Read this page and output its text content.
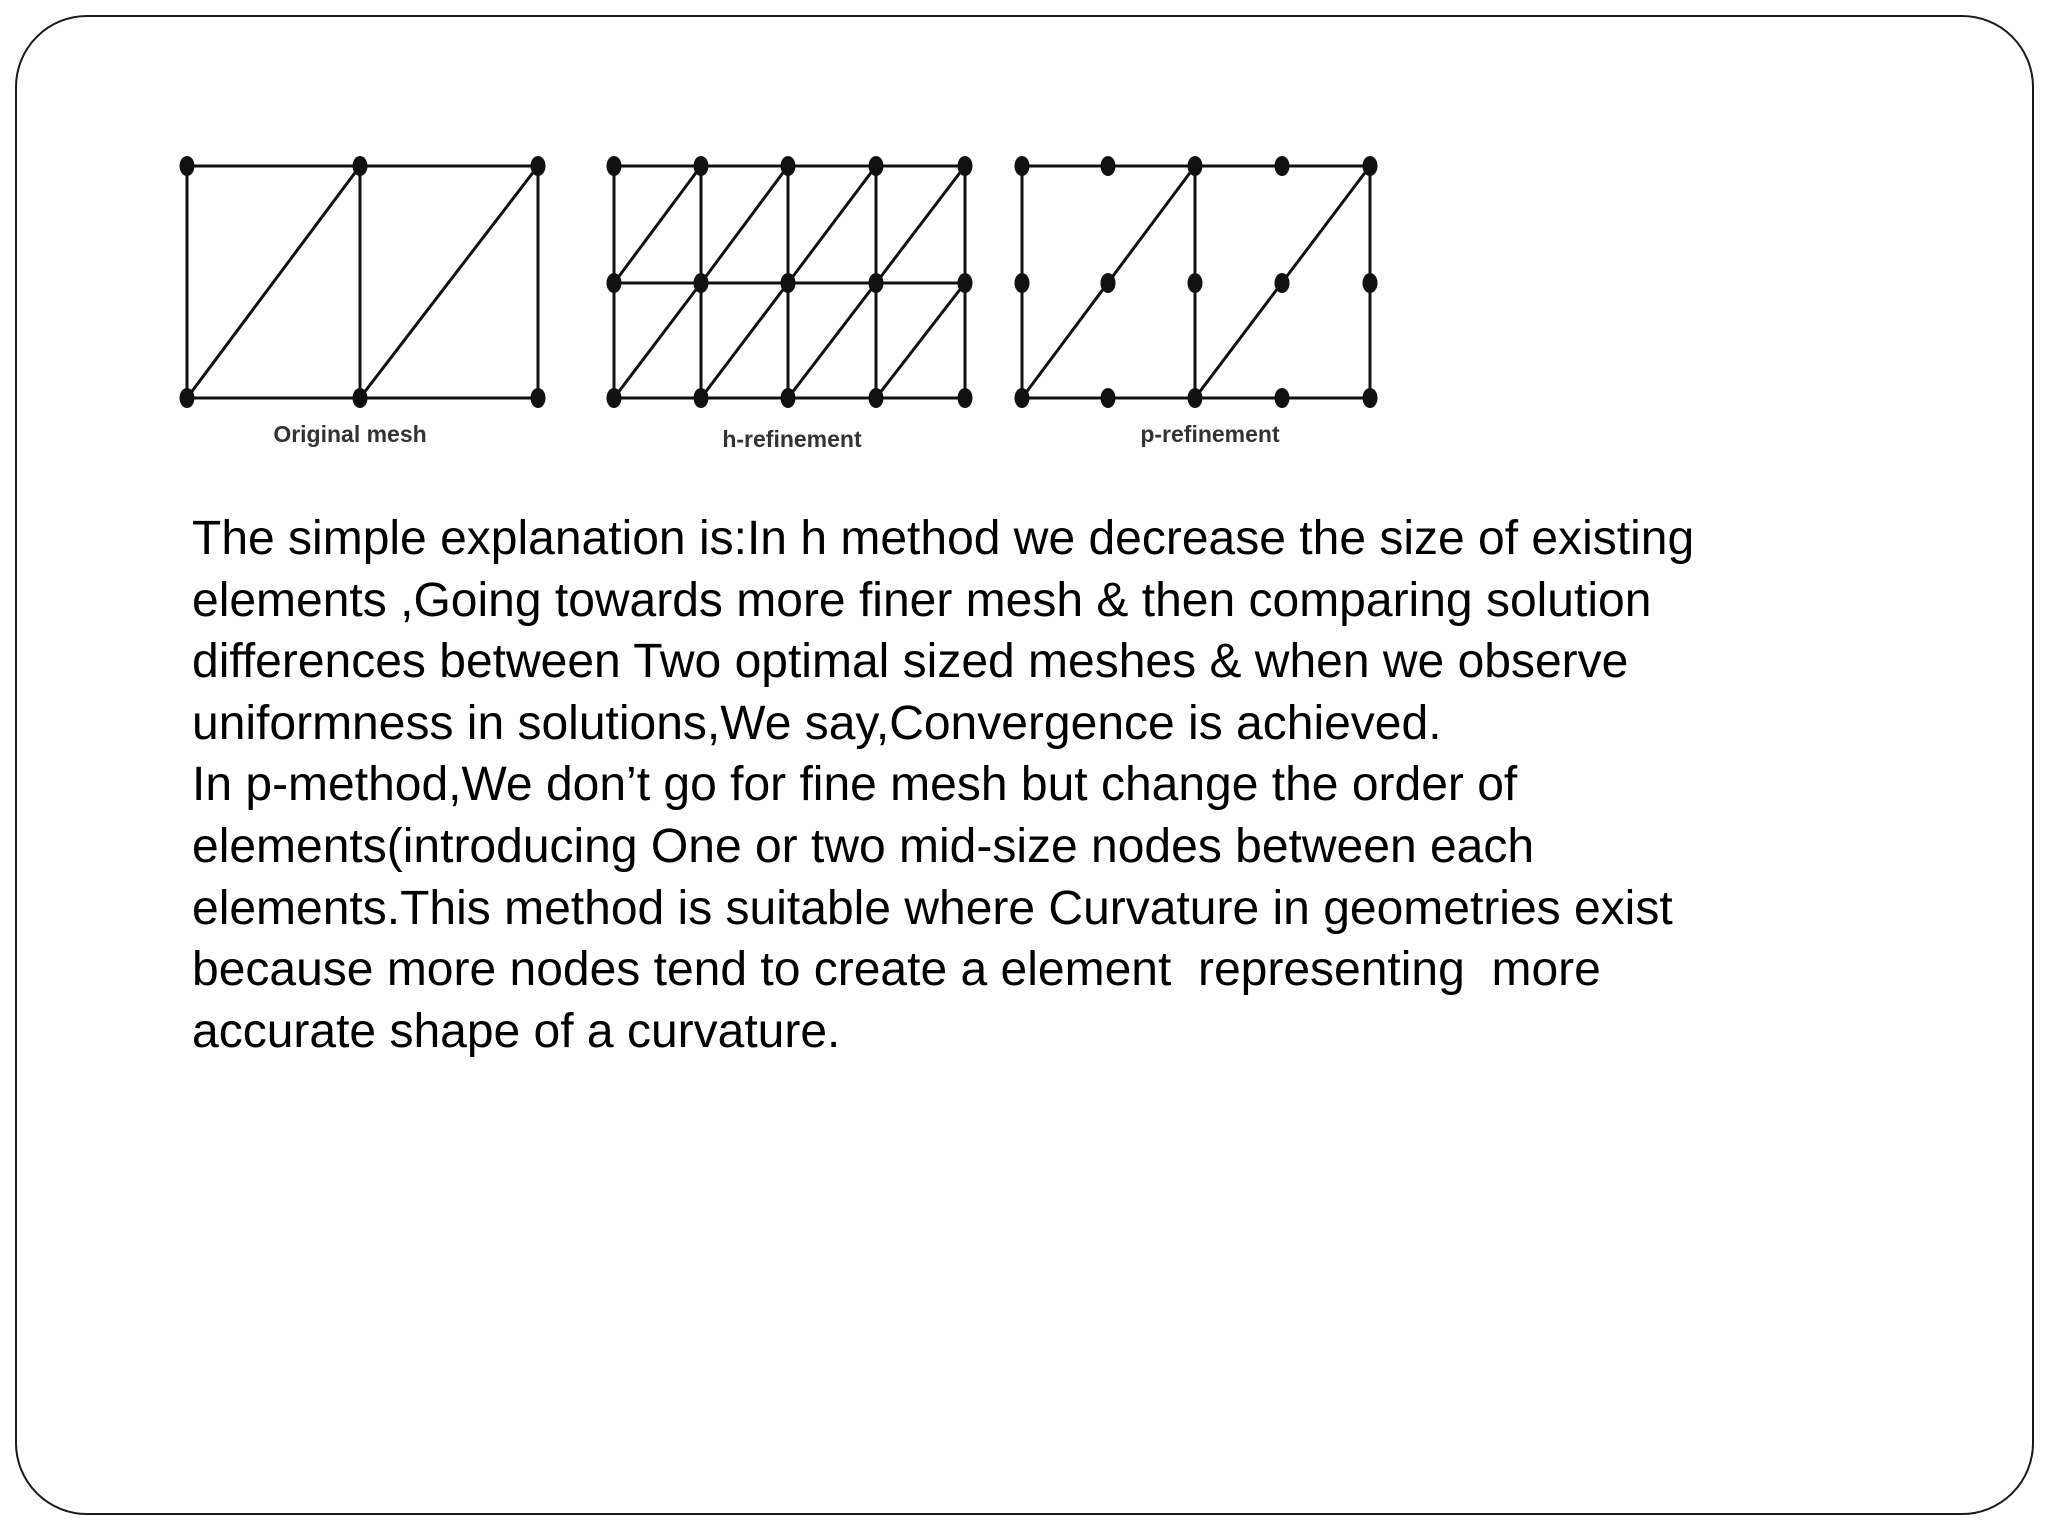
Original mesh	h-refinement	p-refinement
The simple explanation is:In h method we decrease the size of existing
elements ,Going towards more finer mesh & then comparing solution
differences between Two optimal sized meshes & when we observe
uniformness in solutions,We say,Convergence is achieved.
In p-method,We don’t go for fine mesh but change the order of
elements(introducing One or two mid-size nodes between each
elements.This method is suitable where Curvature in geometries exist
because more nodes tend to create a element  representing  more
accurate shape of a curvature.
